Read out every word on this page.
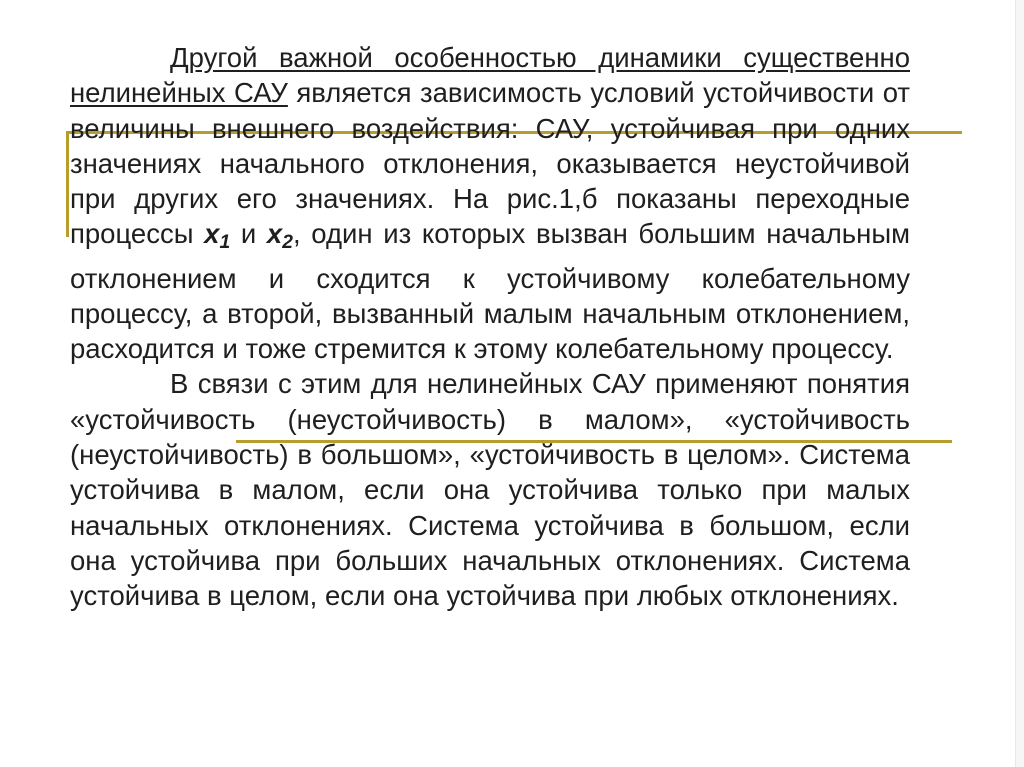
Другой важной особенностью динамики существенно нелинейных САУ является зависимость условий устойчивости от величины внешнего воздействия: САУ, устойчивая при одних значениях начального отклонения, оказывается неустойчивой при других его значениях. На рис.1,б показаны переходные процессы $x_1$ и $x_2$, один из которых вызван большим начальным отклонением и сходится к устойчивому колебательному процессу, а второй, вызванный малым начальным отклонением, расходится и тоже стремится к этому колебательному процессу.

В связи с этим для нелинейных САУ применяют понятия «устойчивость (неустойчивость) в малом», «устойчивость (неустойчивость) в большом», «устойчивость в целом». Система устойчива в малом, если она устойчива только при малых начальных отклонениях. Система устойчива в большом, если она устойчива при больших начальных отклонениях. Система устойчива в целом, если она устойчива при любых отклонениях.
